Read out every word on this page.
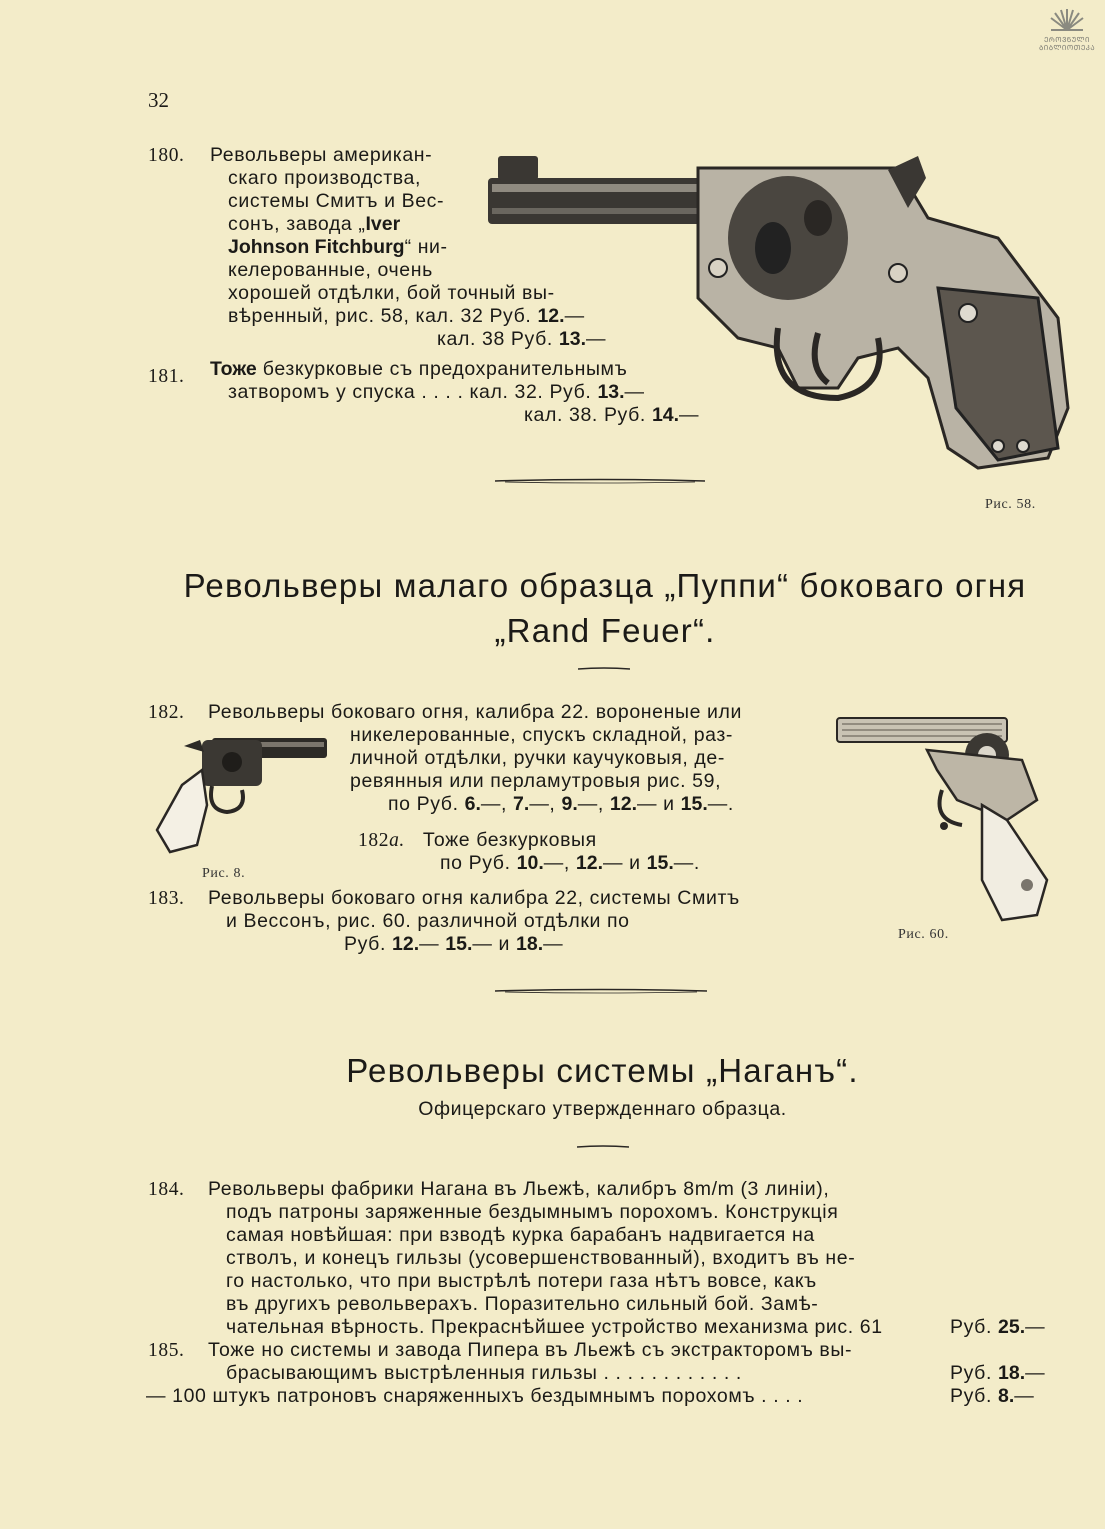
ᲔᲠᲝᲕᲜᲣᲚᲘ
ᲑᲘᲑᲚᲘᲝᲗᲔᲙᲐ
32
180. Револьверы американ-
скаго производства,
системы Смитъ и Вес-
сонъ, завода „Iver
Johnson Fitchburg“ ни-
келерованные, очень
хорошей отдѣлки, бой точный вы-
вѣренный, рис. 58, кал. 32 Руб. 12.—
кал. 38 Руб. 13.—
181. Тоже безкурковые съ предохранительнымъ
затворомъ у спуска . . . . кал. 32. Руб. 13.—
кал. 38. Руб. 14.—
Рис. 58.
Револьверы малаго образца „Пуппи“ боковаго огня
„Rand Feuer“.
Рис. 8.
Рис. 60.
182. Револьверы боковаго огня, калибра 22. вороненые или
никелерованные, спускъ складной, раз-
личной отдѣлки, ручки каучуковыя, де-
ревянныя или перламутровыя рис. 59,
по Руб. 6.—, 7.—, 9.—, 12.— и 15.—.
182a. Тоже безкурковыя
по Руб. 10.—, 12.— и 15.—.
183. Револьверы боковаго огня калибра 22, системы Смитъ
и Вессонъ, рис. 60. различной отдѣлки по
Руб. 12.— 15.— и 18.—
Револьверы системы „Наганъ“.
Офицерскаго утвержденнаго образца.
184. Револьверы фабрики Нагана въ Льежѣ, калибръ 8m/m (3 линіи),
подъ патроны заряженные бездымнымъ порохомъ. Конструкція
самая новѣйшая: при взводѣ курка барабанъ надвигается на
стволъ, и конецъ гильзы (усовершенствованный), входитъ въ не-
го настолько, что при выстрѣлѣ потери газа нѣтъ вовсе, какъ
въ другихъ револьверахъ. Поразительно сильный бой. Замѣ-
чательная вѣрность. Прекраснѣйшее устройство механизма рис. 61	Руб. 25.—
185. Тоже но системы и завода Пипера въ Льежѣ съ экстракторомъ вы-
брасывающимъ выстрѣленныя гильзы . . . . . . . . . . . .	Руб. 18.—
— 100 штукъ патроновъ снаряженныхъ бездымнымъ порохомъ . . . .	Руб. 8.—
